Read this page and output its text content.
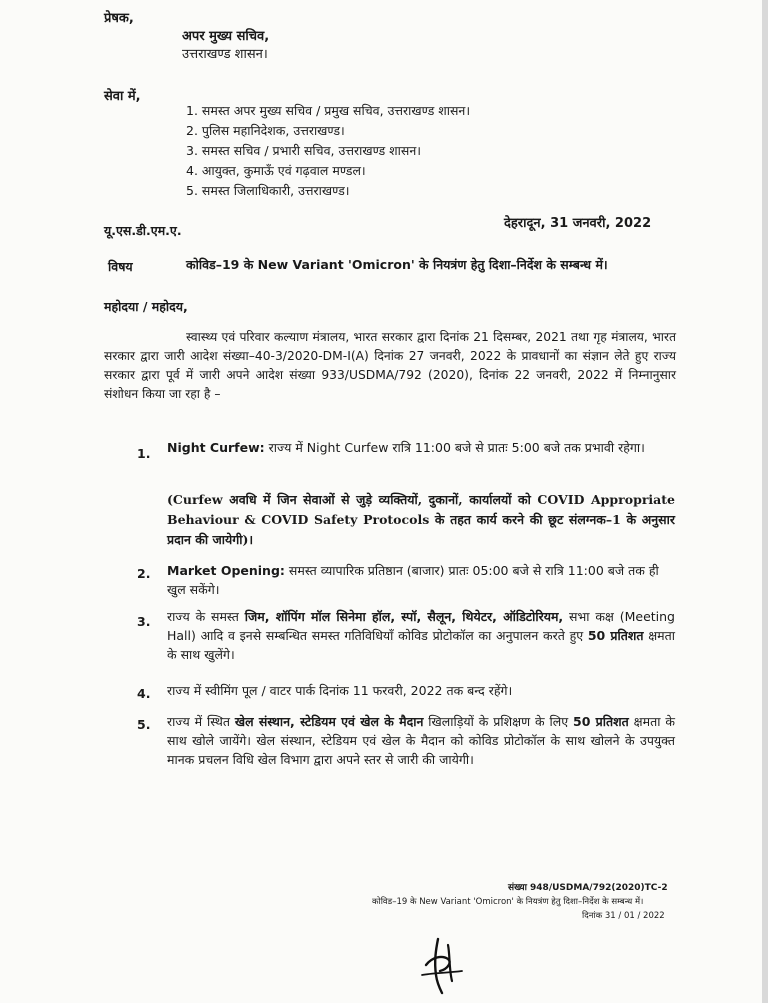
प्रेषक,
अपर मुख्य सचिव,
उत्तराखण्ड शासन।
सेवा में,
1. समस्त अपर मुख्य सचिव / प्रमुख सचिव, उत्तराखण्ड शासन।
2. पुलिस महानिदेशक, उत्तराखण्ड।
3. समस्त सचिव / प्रभारी सचिव, उत्तराखण्ड शासन।
4. आयुक्त, कुमाऊँ एवं गढ़वाल मण्डल।
5. समस्त जिलाधिकारी, उत्तराखण्ड।
यू.एस.डी.एम.ए.	देहरादून, 31 जनवरी, 2022
विषय	कोविड–19 के New Variant 'Omicron' के नियत्रंण हेतु दिशा–निर्देश के सम्बन्ध में।
महोदया / महोदय,
स्वास्थ्य एवं परिवार कल्याण मंत्रालय, भारत सरकार द्वारा दिनांक 21 दिसम्बर, 2021 तथा गृह मंत्रालय, भारत सरकार द्वारा जारी आदेश संख्या–40-3/2020-DM-I(A) दिनांक 27 जनवरी, 2022 के प्रावधानों का संज्ञान लेते हुए राज्य सरकार द्वारा पूर्व में जारी अपने आदेश संख्या 933/USDMA/792 (2020), दिनांक 22 जनवरी, 2022 में निम्नानुसार संशोधन किया जा रहा है –
1. Night Curfew: राज्य में Night Curfew रात्रि 11:00 बजे से प्रातः 5:00 बजे तक प्रभावी रहेगा।
(Curfew अवधि में जिन सेवाओं से जुड़े व्यक्तियों, दुकानों, कार्यालयों को COVID Appropriate Behaviour & COVID Safety Protocols के तहत कार्य करने की छूट संलग्नक–1 के अनुसार प्रदान की जायेगी)।
2. Market Opening: समस्त व्यापारिक प्रतिष्ठान (बाजार) प्रातः 05:00 बजे से रात्रि 11:00 बजे तक ही खुल सकेंगे।
3. राज्य के समस्त जिम, शॉपिंग मॉल सिनेमा हॉल, स्पॉ, सैलून, थियेटर, ऑडिटोरियम, सभा कक्ष (Meeting Hall) आदि व इनसे सम्बन्धित समस्त गतिविधियाँ कोविड प्रोटोकॉल का अनुपालन करते हुए 50 प्रतिशत क्षमता के साथ खुलेंगे।
4. राज्य में स्वीमिंग पूल / वाटर पार्क दिनांक 11 फरवरी, 2022 तक बन्द रहेंगे।
5. राज्य में स्थित खेल संस्थान, स्टेडियम एवं खेल के मैदान खिलाड़ियों के प्रशिक्षण के लिए 50 प्रतिशत क्षमता के साथ खोले जायेंगे। खेल संस्थान, स्टेडियम एवं खेल के मैदान को कोविड प्रोटोकॉल के साथ खोलने के उपयुक्त मानक प्रचलन विधि खेल विभाग द्वारा अपने स्तर से जारी की जायेगी।
संख्या 948/USDMA/792(2020)TC-2
कोविड–19 के New Variant 'Omicron' के नियत्रंण हेतु दिशा–निर्देश के सम्बन्ध में।
दिनांक 31 / 01 / 2022
